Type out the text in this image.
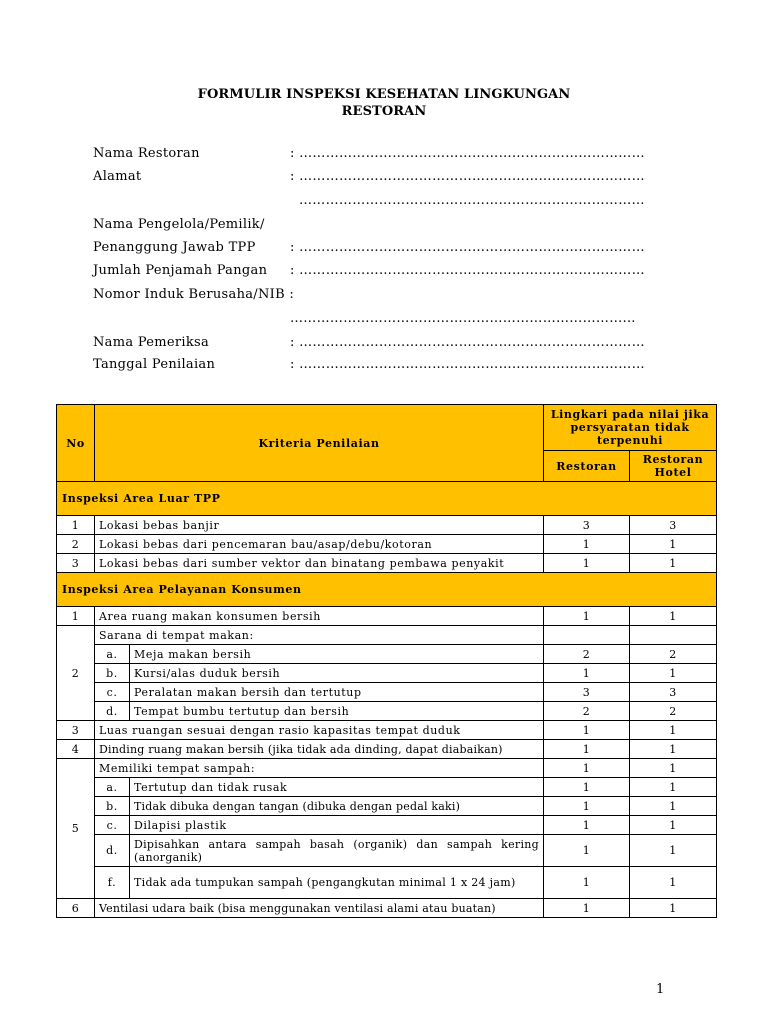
FORMULIR INSPEKSI KESEHATAN LINGKUNGAN
RESTORAN
Nama Restoran	: ……………………………………………………………………
Alamat	: ……………………………………………………………………
……………………………………………………………………
Nama Pengelola/Pemilik/
Penanggung Jawab TPP	: ……………………………………………………………………
Jumlah Penjamah Pangan : ……………………………………………………………………
Nomor Induk Berusaha/NIB :
……………………………………………………………………
Nama Pemeriksa	: ……………………………………………………………………
Tanggal Penilaian	: ……………………………………………………………………
No	Kriteria Penilaian		Lingkari pada nilai jika persyaratan tidak terpenuhi	
			Restoran	Restoran Hotel
Inspeksi Area Luar TPP				
1	Lokasi bebas banjir		3	3
2	Lokasi bebas dari pencemaran bau/asap/debu/kotoran		1	1
3	Lokasi bebas dari sumber vektor dan binatang pembawa penyakit		1	1
Inspeksi Area Pelayanan Konsumen				
1	Area ruang makan konsumen bersih		1	1
2	Sarana di tempat makan:			
	a.	Meja makan bersih	2	2
	b.	Kursi/alas duduk bersih	1	1
	c.	Peralatan makan bersih dan tertutup	3	3
	d.	Tempat bumbu tertutup dan bersih	2	2
3	Luas ruangan sesuai dengan rasio kapasitas tempat duduk		1	1
4	Dinding ruang makan bersih (jika tidak ada dinding, dapat diabaikan)		1	1
5	Memiliki tempat sampah:		1	1
	a.	Tertutup dan tidak rusak	1	1
	b.	Tidak dibuka dengan tangan (dibuka dengan pedal kaki)	1	1
	c.	Dilapisi plastik	1	1
	d.	Dipisahkan antara sampah basah (organik) dan sampah kering (anorganik)	1	1
	f.	Tidak ada tumpukan sampah (pengangkutan minimal 1 x 24 jam)	1	1
6	Ventilasi udara baik (bisa menggunakan ventilasi alami atau buatan)		1	1
1
